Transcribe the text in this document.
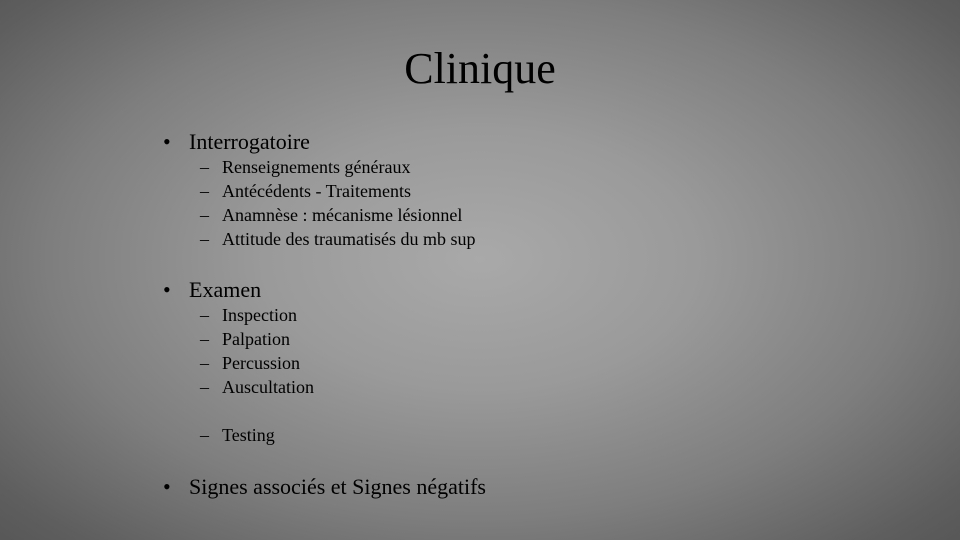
Clinique
• Interrogatoire
– Renseignements généraux
– Antécédents - Traitements
– Anamnèse : mécanisme lésionnel
– Attitude des traumatisés du mb sup
• Examen
– Inspection
– Palpation
– Percussion
– Auscultation
– Testing
• Signes associés et Signes négatifs
